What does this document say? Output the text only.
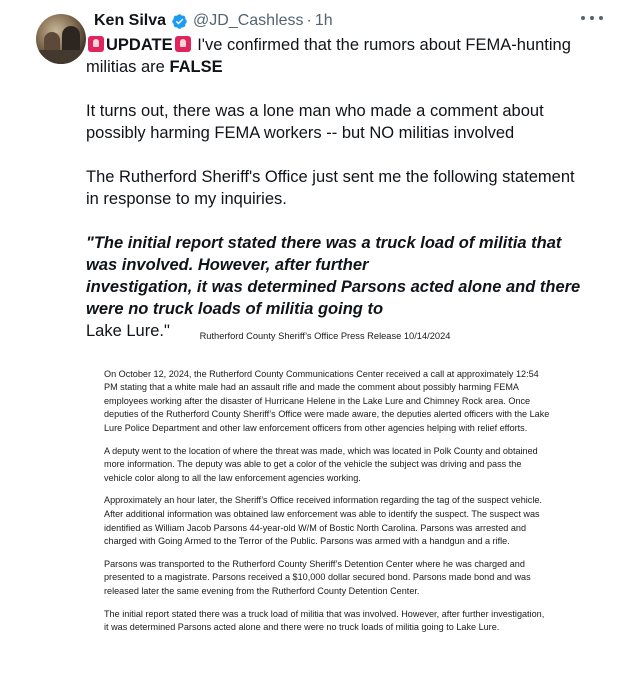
Ken Silva @JD_Cashless · 1h

UPDATE I've confirmed that the rumors about FEMA-hunting militias are FALSE

It turns out, there was a lone man who made a comment about possibly harming FEMA workers -- but NO militias involved

The Rutherford Sheriff's Office just sent me the following statement in response to my inquiries.

"The initial report stated there was a truck load of militia that was involved. However, after further
investigation, it was determined Parsons acted alone and there were no truck loads of militia going to
Lake Lure."	Rutherford County Sheriff’s Office Press Release 10/14/2024

On October 12, 2024, the Rutherford County Communications Center received a call at approximately 12:54 PM stating that a white male had an assault rifle and made the comment about possibly harming FEMA employees working after the disaster of Hurricane Helene in the Lake Lure and Chimney Rock area. Once deputies of the Rutherford County Sheriff’s Office were made aware, the deputies alerted officers with the Lake Lure Police Department and other law enforcement officers from other agencies helping with relief efforts.

A deputy went to the location of where the threat was made, which was located in Polk County and obtained more information. The deputy was able to get a color of the vehicle the subject was driving and pass the vehicle color along to all the law enforcement agencies working.

Approximately an hour later, the Sheriff’s Office received information regarding the tag of the suspect vehicle. After additional information was obtained law enforcement was able to identify the suspect. The suspect was identified as William Jacob Parsons 44-year-old W/M of Bostic North Carolina. Parsons was arrested and charged with Going Armed to the Terror of the Public. Parsons was armed with a handgun and a rifle.

Parsons was transported to the Rutherford County Sheriff’s Detention Center where he was charged and presented to a magistrate. Parsons received a $10,000 dollar secured bond. Parsons made bond and was released later the same evening from the Rutherford County Detention Center.

The initial report stated there was a truck load of militia that was involved. However, after further investigation, it was determined Parsons acted alone and there were no truck loads of militia going to Lake Lure.
